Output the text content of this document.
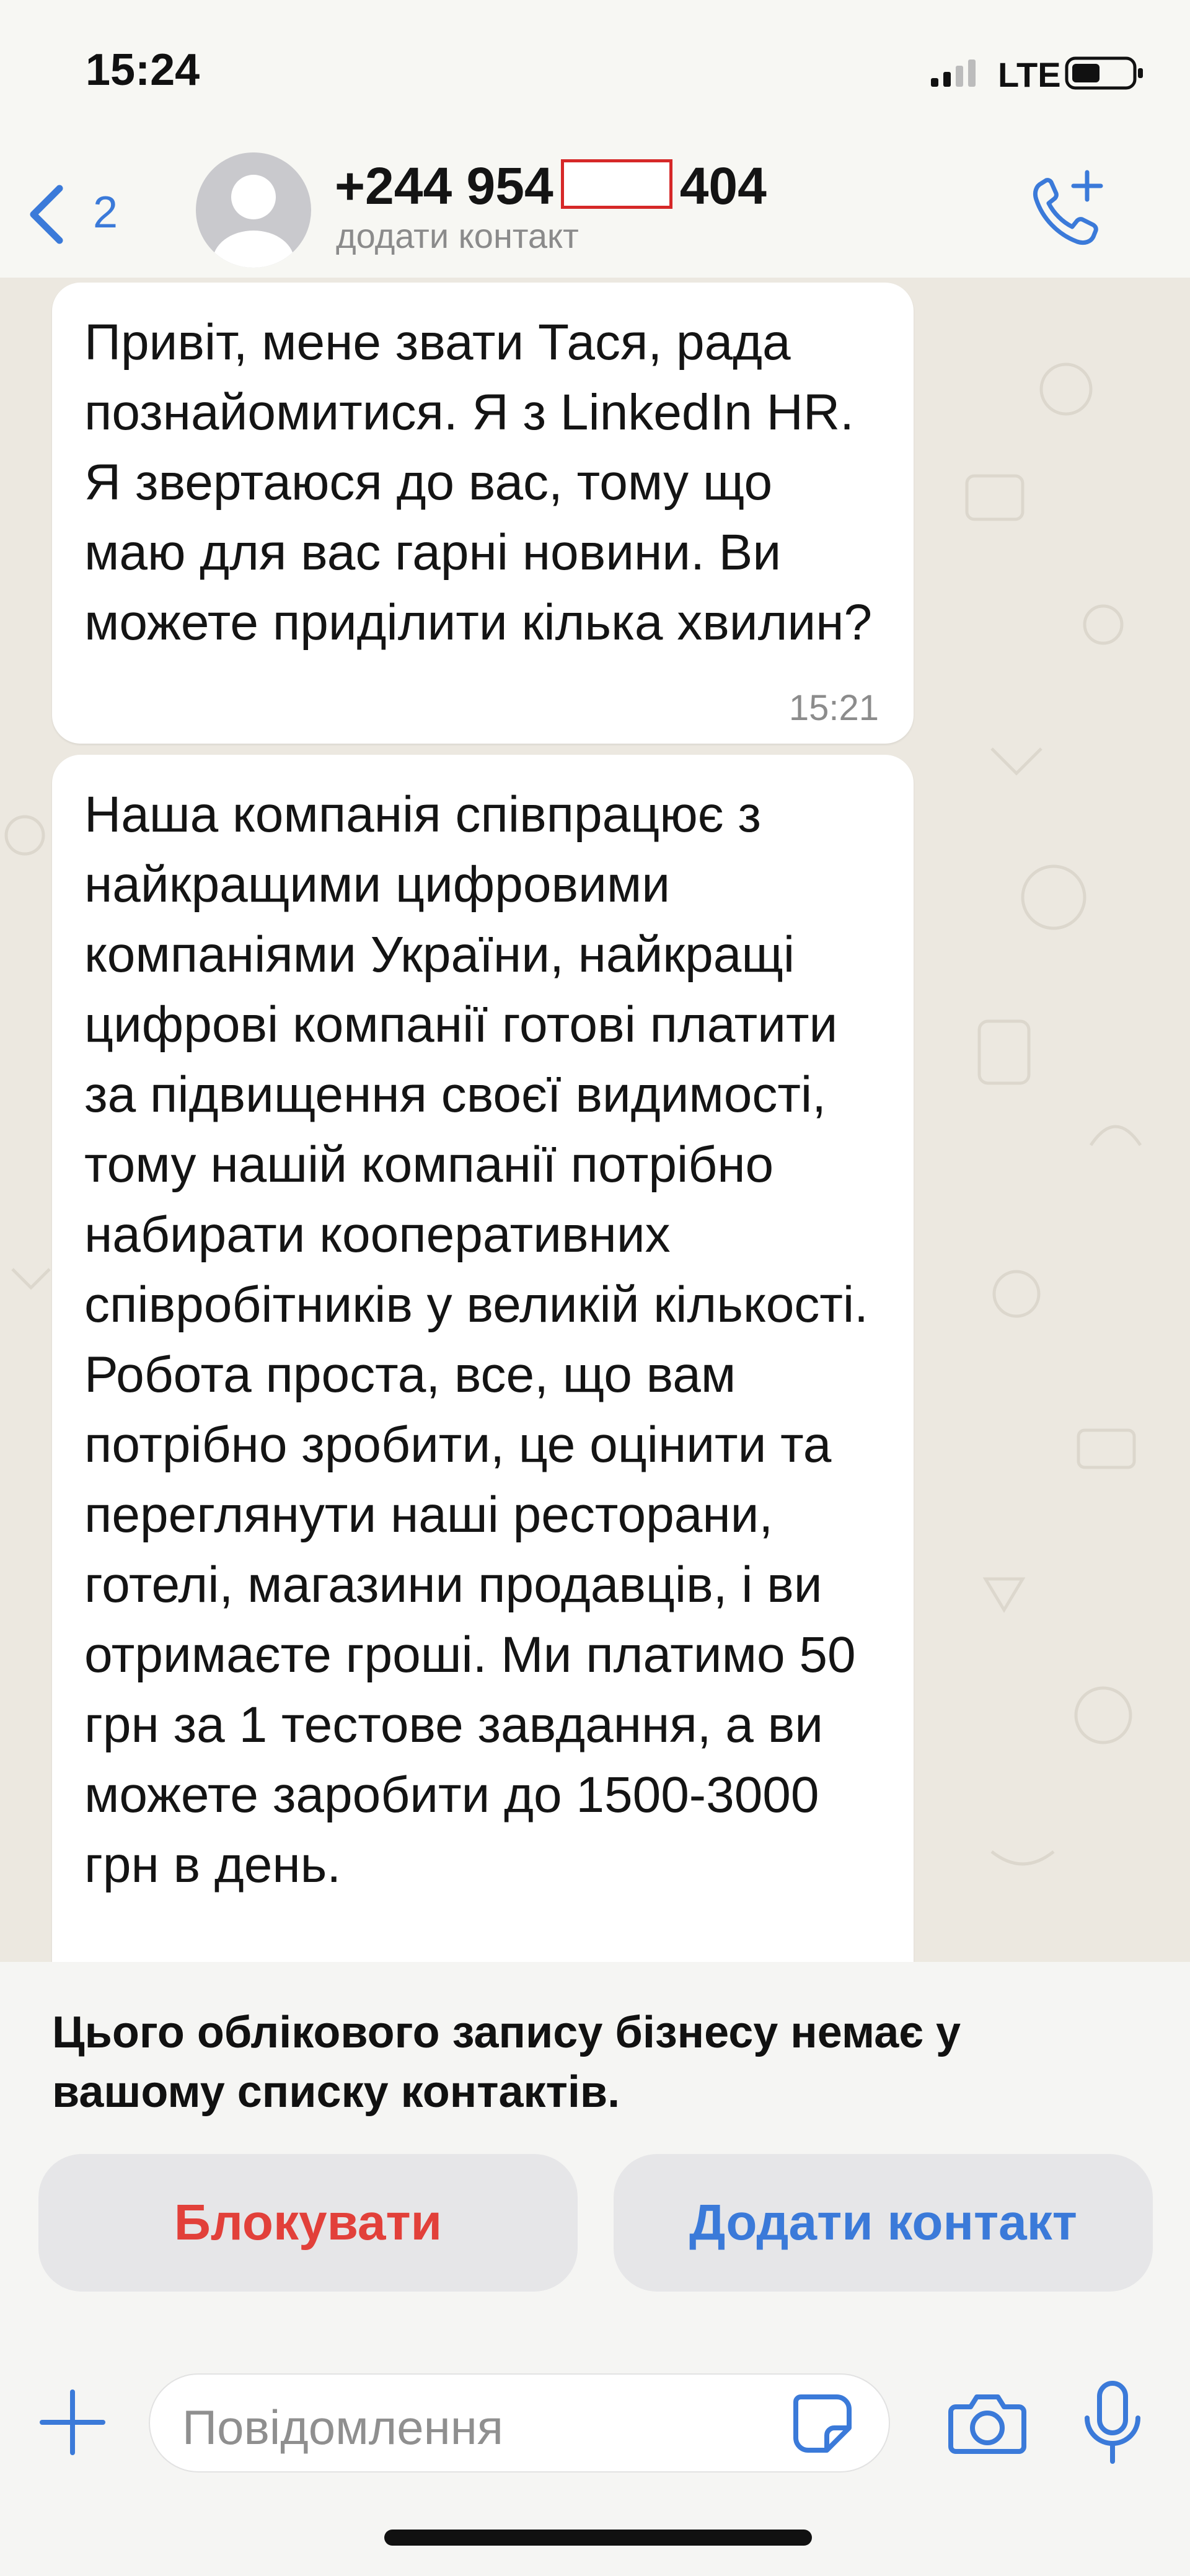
15:24	LTE
2	+244 954 404
додати контакт

Привіт, мене звати Тася, рада познайомитися. Я з LinkedIn HR. Я звертаюся до вас, тому що маю для вас гарні новини. Ви можете приділити кілька хвилин?

15:21

Наша компанія співпрацює з найкращими цифровими компаніями України, найкращі цифрові компанії готові платити за підвищення своєї видимості, тому нашій компанії потрібно набирати кооперативних співробітників у великій кількості. Робота проста, все, що вам потрібно зробити, це оцінити та переглянути наші ресторани, готелі, магазини продавців, і ви отримаєте гроші. Ми платимо 50 грн за 1 тестове завдання, а ви можете заробити до 1500-3000 грн в день.

Цього облікового запису бізнесу немає у вашому списку контактів.
Блокувати	Додати контакт
Повідомлення
